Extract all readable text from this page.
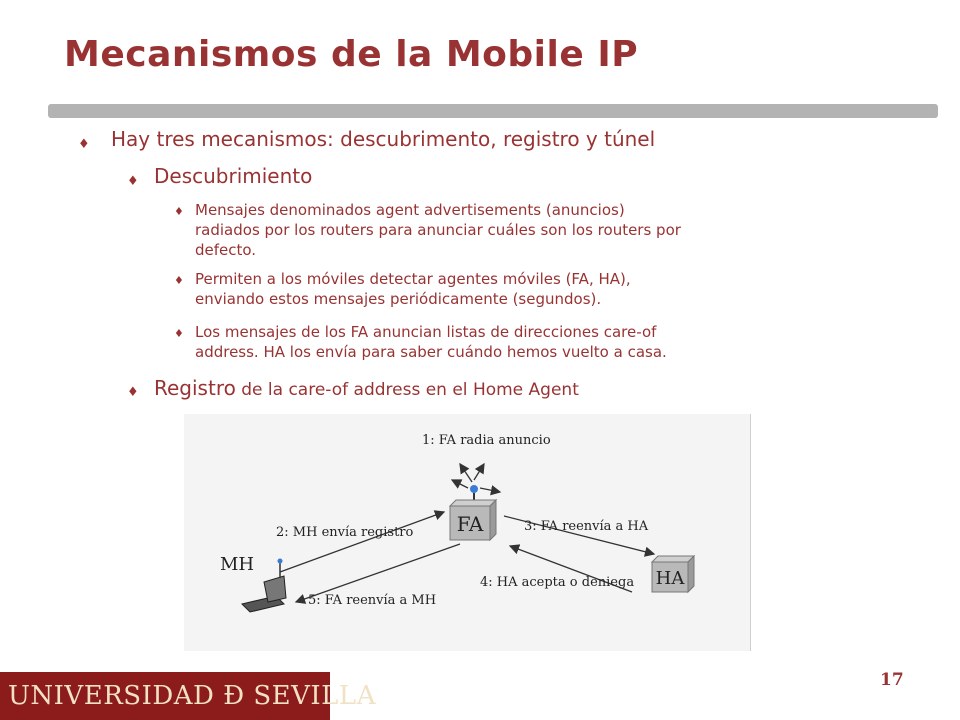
Mecanismos de la Mobile IP
♦ Hay tres mecanismos: descubrimento, registro y túnel
♦ Descubrimiento
♦ Mensajes denominados agent advertisements (anuncios)
radiados por los routers para anunciar cuáles son los routers por
defecto.
♦ Permiten a los móviles detectar agentes móviles (FA, HA),
enviando estos mensajes periódicamente (segundos).
♦ Los mensajes de los FA anuncian listas de direcciones care-of
address. HA los envía para saber cuándo hemos vuelto a casa.
♦ Registro de la care-of address en el Home Agent
FA
HA
MH
1: FA radia anuncio
2: MH envía registro	3: FA reenvía a HA
4: HA acepta o deniega
5: FA reenvía a MH
17
UNIVERSIDAD Ð SEVILLA
